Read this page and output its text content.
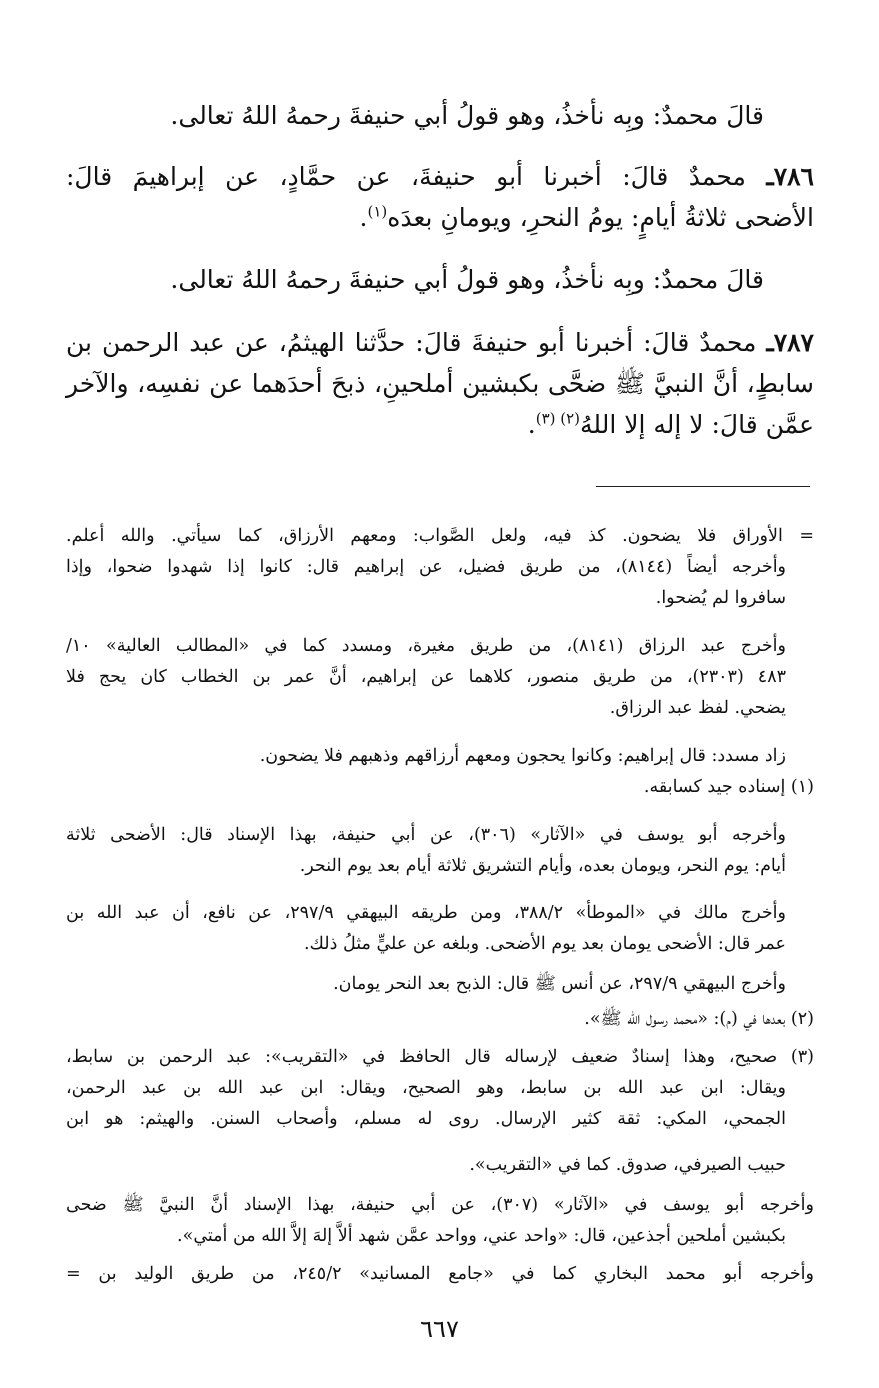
قالَ محمدٌ: وبِه نأخذُ، وهو قولُ أبي حنيفةَ رحمهُ اللهُ تعالى.
٧٨٦ـ محمدٌ قالَ: أخبرنا أبو حنيفةَ، عن حمَّادٍ، عن إبراهيمَ قالَ:
الأضحى ثلاثةُ أيامٍ: يومُ النحرِ، ويومانِ بعدَه$^{(١)}$.
قالَ محمدٌ: وبِه نأخذُ، وهو قولُ أبي حنيفةَ رحمهُ اللهُ تعالى.
٧٨٧ـ محمدٌ قالَ: أخبرنا أبو حنيفةَ قالَ: حدَّثنا الهيثمُ، عن عبد الرحمن بن
سابطٍ، أنَّ النبيَّ ﷺ ضحَّى بكبشين أملحينِ، ذبحَ أحدَهما عن نفسِه، والآخر
عمَّن قالَ: لا إله إلا اللهُ$^{(٢) (٣)}$.
= الأوراق فلا يضحون. كذ فيه، ولعل الصَّواب: ومعهم الأرزاق، كما سيأتي. والله أعلم.
وأخرجه أيضاً (٨١٤٤)، من طريق فضيل، عن إبراهيم قال: كانوا إذا شهدوا ضحوا، وإذا
سافروا لم يُضحوا.
وأخرج عبد الرزاق (٨١٤١)، من طريق مغيرة، ومسدد كما في «المطالب العالية» ١٠/
٤٨٣ (٢٣٠٣)، من طريق منصور، كلاهما عن إبراهيم، أنَّ عمر بن الخطاب كان يحج فلا
يضحي. لفظ عبد الرزاق.
زاد مسدد: قال إبراهيم: وكانوا يحجون ومعهم أرزاقهم وذهبهم فلا يضحون.
(١) إسناده جيد كسابقه.
وأخرجه أبو يوسف في «الآثار» (٣٠٦)، عن أبي حنيفة، بهذا الإسناد قال: الأضحى ثلاثة
أيام: يوم النحر، ويومان بعده، وأيام التشريق ثلاثة أيام بعد يوم النحر.
وأخرج مالك في «الموطأ» ٣٨٨/٢، ومن طريقه البيهقي ٢٩٧/٩، عن نافع، أن عبد الله بن
عمر قال: الأضحى يومان بعد يوم الأضحى. وبلغه عن عليٍّ مثلُ ذلك.
وأخرج البيهقي ٢٩٧/٩، عن أنس ﷺ قال: الذبح بعد النحر يومان.
(٢) بعدها في (م): «محمد رسول الله ﷺ».
(٣) صحيح، وهذا إسنادٌ ضعيف لإرساله قال الحافظ في «التقريب»: عبد الرحمن بن سابط،
ويقال: ابن عبد الله بن سابط، وهو الصحيح، ويقال: ابن عبد الله بن عبد الرحمن،
الجمحي، المكي: ثقة كثير الإرسال. روى له مسلم، وأصحاب السنن. والهيثم: هو ابن
حبيب الصيرفي، صدوق. كما في «التقريب».
وأخرجه أبو يوسف في «الآثار» (٣٠٧)، عن أبي حنيفة، بهذا الإسناد أنَّ النبيَّ ﷺ ضحى
بكبشين أملحين أجذعين، قال: «واحد عني، وواحد عمَّن شهد ألاَّ إلهَ إلاَّ الله من أمتي».
وأخرجه أبو محمد البخاري كما في «جامع المسانيد» ٢٤٥/٢، من طريق الوليد بن =
٦٦٧
